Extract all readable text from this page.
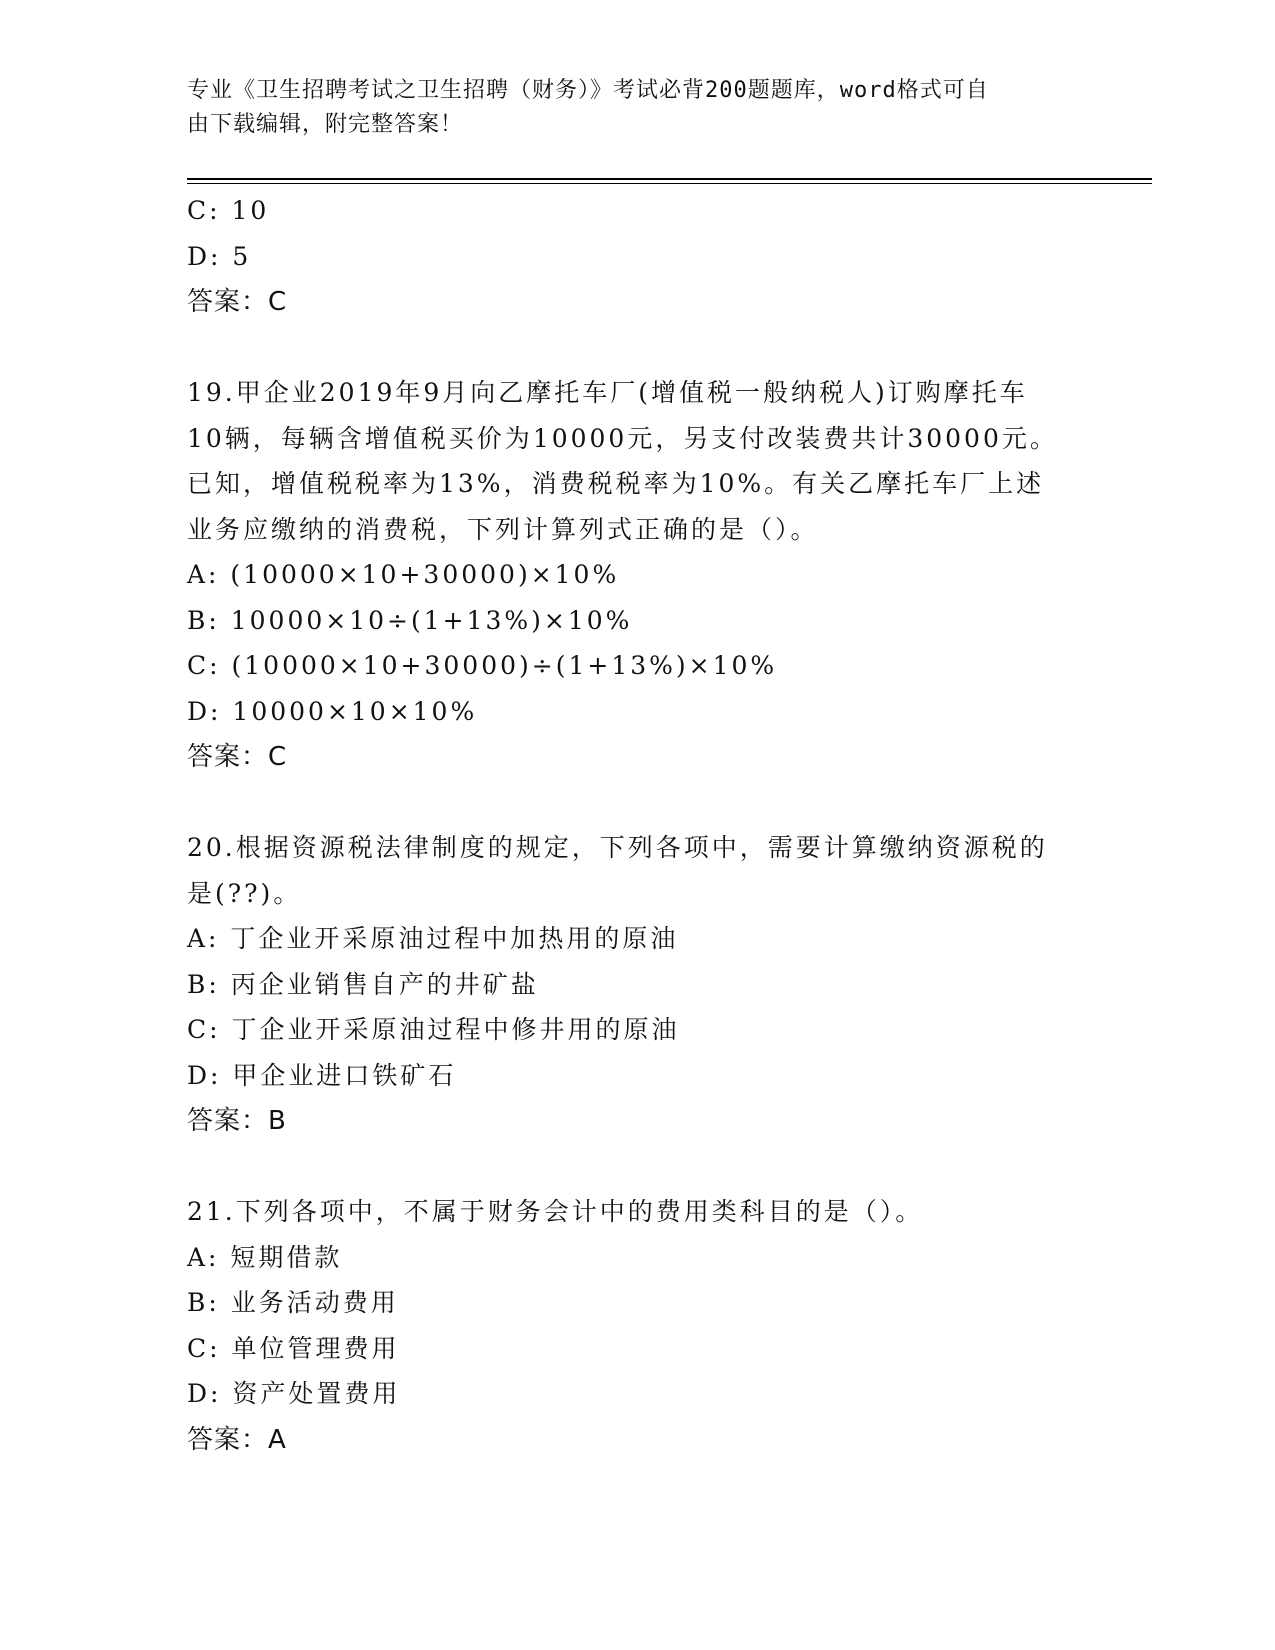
专业《卫生招聘考试之卫生招聘（财务）》考试必背200题题库，word格式可自
由下载编辑，附完整答案！
C: 10
D: 5
答案：C
19.甲企业2019年9月向乙摩托车厂(增值税一般纳税人)订购摩托车
10辆，每辆含增值税买价为10000元，另支付改装费共计30000元。
已知，增值税税率为13%，消费税税率为10%。有关乙摩托车厂上述
业务应缴纳的消费税，下列计算列式正确的是（）。
A: (10000×10+30000)×10%
B: 10000×10÷(1+13%)×10%
C: (10000×10+30000)÷(1+13%)×10%
D: 10000×10×10%
答案：C
20.根据资源税法律制度的规定，下列各项中，需要计算缴纳资源税的
是(??)。
A: 丁企业开采原油过程中加热用的原油
B: 丙企业销售自产的井矿盐
C: 丁企业开采原油过程中修井用的原油
D: 甲企业进口铁矿石
答案：B
21.下列各项中，不属于财务会计中的费用类科目的是（）。
A: 短期借款
B: 业务活动费用
C: 单位管理费用
D: 资产处置费用
答案：A
